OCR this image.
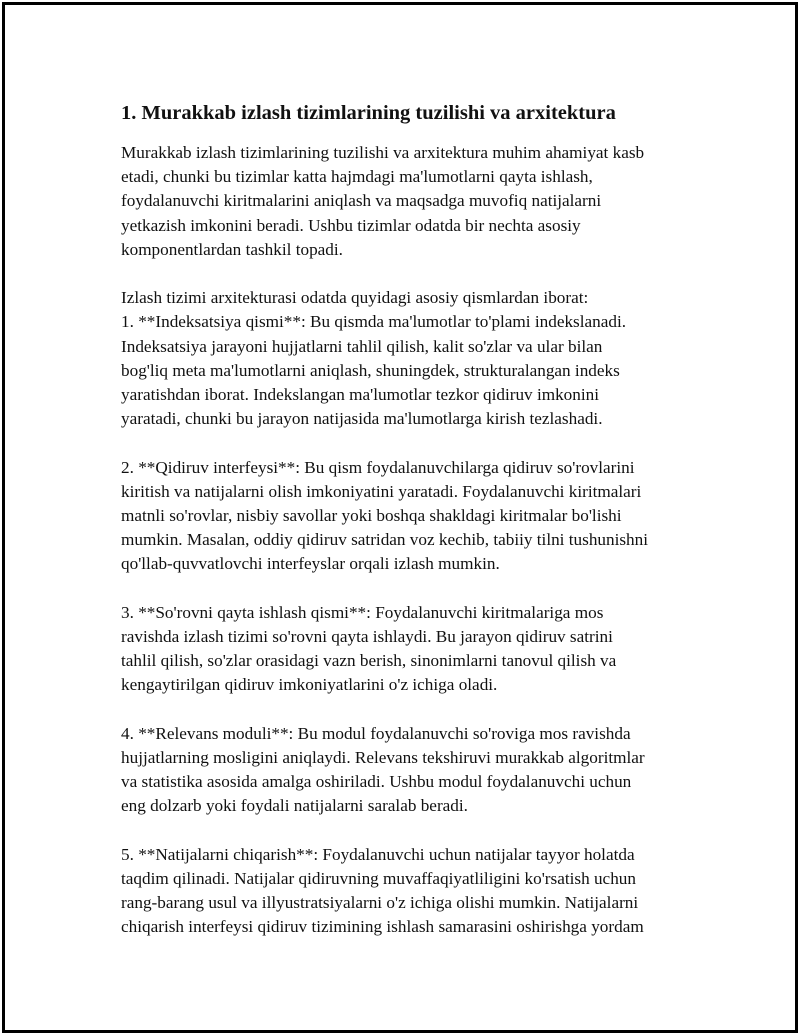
1. Murakkab izlash tizimlarining tuzilishi va arxitektura

Murakkab izlash tizimlarining tuzilishi va arxitektura muhim ahamiyat kasb
etadi, chunki bu tizimlar katta hajmdagi ma'lumotlarni qayta ishlash,
foydalanuvchi kiritmalarini aniqlash va maqsadga muvofiq natijalarni
yetkazish imkonini beradi. Ushbu tizimlar odatda bir nechta asosiy
komponentlardan tashkil topadi.

Izlash tizimi arxitekturasi odatda quyidagi asosiy qismlardan iborat:
1. **Indeksatsiya qismi**: Bu qismda ma'lumotlar to'plami indekslanadi.
Indeksatsiya jarayoni hujjatlarni tahlil qilish, kalit so'zlar va ular bilan
bog'liq meta ma'lumotlarni aniqlash, shuningdek, strukturalangan indeks
yaratishdan iborat. Indekslangan ma'lumotlar tezkor qidiruv imkonini
yaratadi, chunki bu jarayon natijasida ma'lumotlarga kirish tezlashadi.

2. **Qidiruv interfeysi**: Bu qism foydalanuvchilarga qidiruv so'rovlarini
kiritish va natijalarni olish imkoniyatini yaratadi. Foydalanuvchi kiritmalari
matnli so'rovlar, nisbiy savollar yoki boshqa shakldagi kiritmalar bo'lishi
mumkin. Masalan, oddiy qidiruv satridan voz kechib, tabiiy tilni tushunishni
qo'llab-quvvatlovchi interfeyslar orqali izlash mumkin.

3. **So'rovni qayta ishlash qismi**: Foydalanuvchi kiritmalariga mos
ravishda izlash tizimi so'rovni qayta ishlaydi. Bu jarayon qidiruv satrini
tahlil qilish, so'zlar orasidagi vazn berish, sinonimlarni tanovul qilish va
kengaytirilgan qidiruv imkoniyatlarini o'z ichiga oladi.

4. **Relevans moduli**: Bu modul foydalanuvchi so'roviga mos ravishda
hujjatlarning mosligini aniqlaydi. Relevans tekshiruvi murakkab algoritmlar
va statistika asosida amalga oshiriladi. Ushbu modul foydalanuvchi uchun
eng dolzarb yoki foydali natijalarni saralab beradi.

5. **Natijalarni chiqarish**: Foydalanuvchi uchun natijalar tayyor holatda
taqdim qilinadi. Natijalar qidiruvning muvaffaqiyatliligini ko'rsatish uchun
rang-barang usul va illyustratsiyalarni o'z ichiga olishi mumkin. Natijalarni
chiqarish interfeysi qidiruv tizimining ishlash samarasini oshirishga yordam
